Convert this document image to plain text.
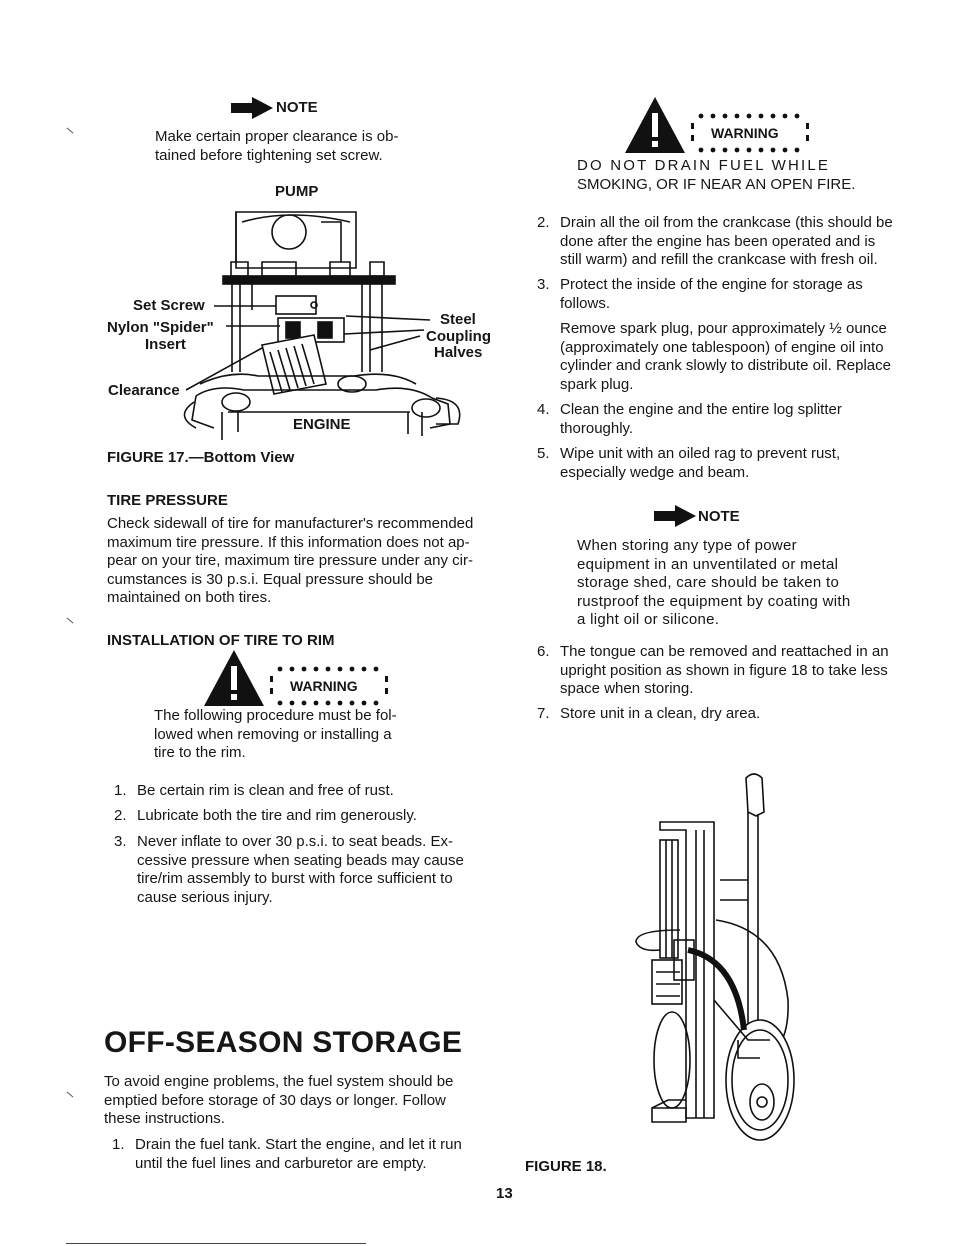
NOTE
Make certain proper clearance is ob-
tained before tightening set screw.
PUMP
Set Screw
Nylon "Spider"
Insert
Clearance
Steel
Coupling
Halves
ENGINE
FIGURE 17.—Bottom View
TIRE PRESSURE
Check sidewall of tire for manufacturer's recommended
maximum tire pressure. If this information does not ap-
pear on your tire, maximum tire pressure under any cir-
cumstances is 30 p.s.i. Equal pressure should be
maintained on both tires.
INSTALLATION OF TIRE TO RIM
WARNING
The following procedure must be fol-
lowed when removing or installing a
tire to the rim.
1. Be certain rim is clean and free of rust.
2. Lubricate both the tire and rim generously.
3. Never inflate to over 30 p.s.i. to seat beads. Ex-
cessive pressure when seating beads may cause
tire/rim assembly to burst with force sufficient to
cause serious injury.
OFF-SEASON STORAGE
To avoid engine problems, the fuel system should be
emptied before storage of 30 days or longer. Follow
these instructions.
1. Drain the fuel tank. Start the engine, and let it run
until the fuel lines and carburetor are empty.
WARNING
DO NOT DRAIN FUEL WHILE
SMOKING, OR IF NEAR AN OPEN FIRE.
2. Drain all the oil from the crankcase (this should be
done after the engine has been operated and is
still warm) and refill the crankcase with fresh oil.
3. Protect the inside of the engine for storage as
follows.
Remove spark plug, pour approximately ½ ounce
(approximately one tablespoon) of engine oil into
cylinder and crank slowly to distribute oil. Replace
spark plug.
4. Clean the engine and the entire log splitter
thoroughly.
5. Wipe unit with an oiled rag to prevent rust,
especially wedge and beam.
NOTE
When storing any type of power
equipment in an unventilated or metal
storage shed, care should be taken to
rustproof the equipment by coating with
a light oil or silicone.
6. The tongue can be removed and reattached in an
upright position as shown in figure 18 to take less
space when storing.
7. Store unit in a clean, dry area.
FIGURE 18.
13
